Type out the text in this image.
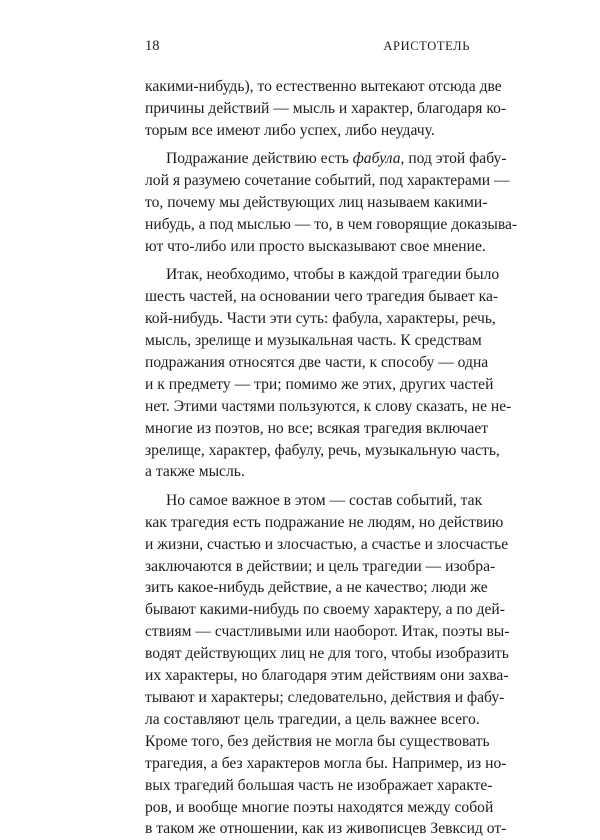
18	АРИСТОТЕЛЬ

какими-нибудь), то естественно вытекают отсюда две

причины действий — мысль и характер, благодаря ко-

торым все имеют либо успех, либо неудачу.

Подражание действию есть фабула, под этой фабу-

лой я разумею сочетание событий, под характерами —

то, почему мы действующих лиц называем какими-

нибудь, а под мыслью — то, в чем говорящие доказыва-

ют что-либо или просто высказывают свое мнение.

Итак, необходимо, чтобы в каждой трагедии было

шесть частей, на основании чего трагедия бывает ка-

кой-нибудь. Части эти суть: фабула, характеры, речь,

мысль, зрелище и музыкальная часть. К средствам

подражания относятся две части, к способу — одна

и к предмету — три; помимо же этих, других частей

нет. Этими частями пользуются, к слову сказать, не не-

многие из поэтов, но все; всякая трагедия включает

зрелище, характер, фабулу, речь, музыкальную часть,

а также мысль.

Но самое важное в этом — состав событий, так

как трагедия есть подражание не людям, но действию

и жизни, счастью и злосчастью, а счастье и злосчастье

заключаются в действии; и цель трагедии — изобра-

зить какое-нибудь действие, а не качество; люди же

бывают какими-нибудь по своему характеру, а по дей-

ствиям — счастливыми или наоборот. Итак, поэты вы-

водят действующих лиц не для того, чтобы изобразить

их характеры, но благодаря этим действиям они захва-

тывают и характеры; следовательно, действия и фабу-

ла составляют цель трагедии, а цель важнее всего.

Кроме того, без действия не могла бы существовать

трагедия, а без характеров могла бы. Например, из но-

вых трагедий большая часть не изображает характе-

ров, и вообще многие поэты находятся между собой

в таком же отношении, как из живописцев Зевксид от-
